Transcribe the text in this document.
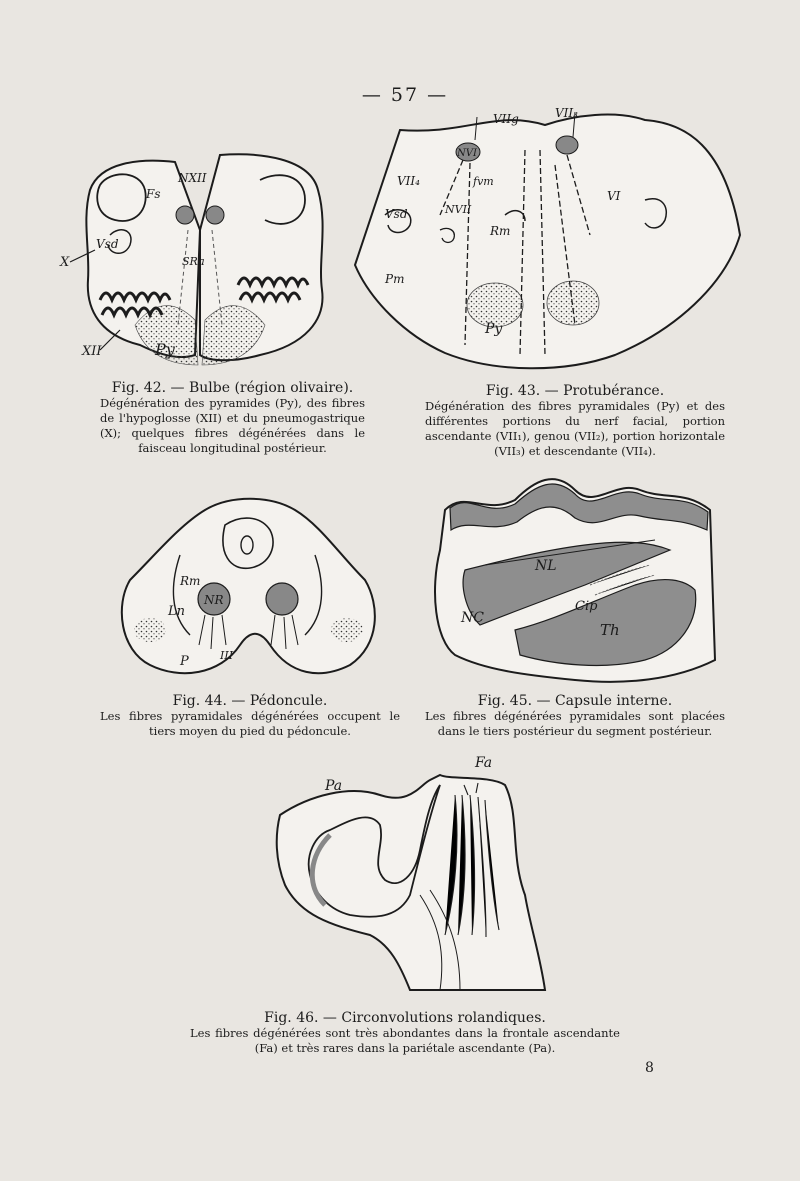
— 57 —
NXII
Fs
Vsd
X	SRa
XII	Py
Fig. 42. — Bulbe (région olivaire).
Dégénération des pyramides (Py), des fibres de l'hypoglosse (XII) et du pneumogastrique (X); quelques fibres dégénérées dans le faisceau longitudinal postérieur.
VIIg	VII₃
NVI
VII₄	fvm
Vsd	NVII
VI
Rm
Pm
Py
Fig. 43. — Protubérance.
Dégénération des fibres pyramidales (Py) et des différentes portions du nerf facial, portion ascendante (VII₁), genou (VII₂), portion horizontale (VII₃) et descendante (VII₄).
Rm
NR
Ln
P	III
Fig. 44. — Pédoncule.
Les fibres pyramidales dégénérées occupent le tiers moyen du pied du pédoncule.
NL
NC
Cip
Th
Fig. 45. — Capsule interne.
Les fibres dégénérées pyramidales sont placées dans le tiers postérieur du segment postérieur.
Fa
Pa
Fig. 46. — Circonvolutions rolandiques.
Les fibres dégénérées sont très abondantes dans la frontale ascendante (Fa) et très rares dans la pariétale ascendante (Pa).
8
